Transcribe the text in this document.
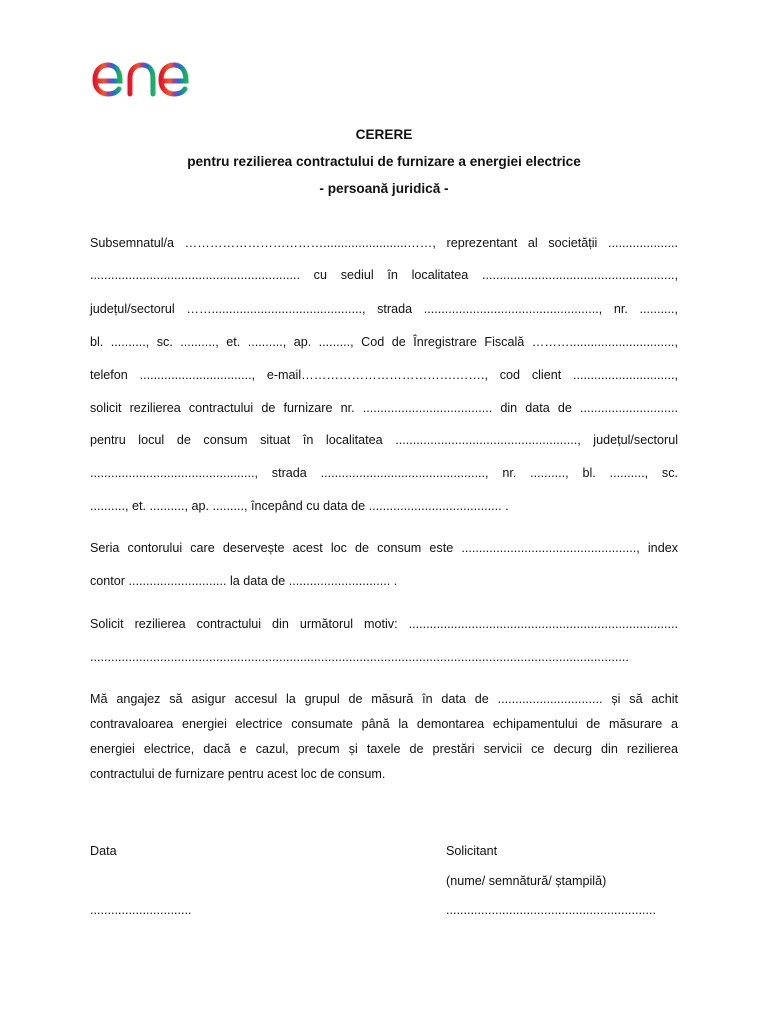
CERERE
pentru rezilierea contractului de furnizare a energiei electrice
- persoană juridică -
Subsemnatul/a ……………………………........................……, reprezentant al societății ....................
............................................................ cu sediul în localitatea .......................................................,
județul/sectorul ……..........................................., strada .................................................., nr. ..........,
bl. .........., sc. .........., et. .........., ap. ........., Cod de Înregistrare Fiscală ………..............................,
telefon ................................, e-mail……………………………….……., cod client .............................,
solicit rezilierea contractului de furnizare nr. ..................................... din data de ............................
pentru locul de consum situat în localitatea ...................................................., județul/sectorul
..............................................., strada ..............................................., nr. .........., bl. .........., sc.
.........., et. .........., ap. ........., începând cu data de ...................................... .
Seria contorului care deservește acest loc de consum este .................................................., index
contor ............................ la data de ............................. .
Solicit rezilierea contractului din următorul motiv: .............................................................................
..........................................................................................................................................................
Mă angajez să asigur accesul la grupul de măsură în data de .............................. și să achit
contravaloarea energiei electrice consumate până la demontarea echipamentului de măsurare a
energiei electrice, dacă e cazul, precum și taxele de prestări servicii ce decurg din rezilierea
contractului de furnizare pentru acest loc de consum.
Data
.............................
Solicitant
(nume/ semnătură/ ștampilă)
............................................................
